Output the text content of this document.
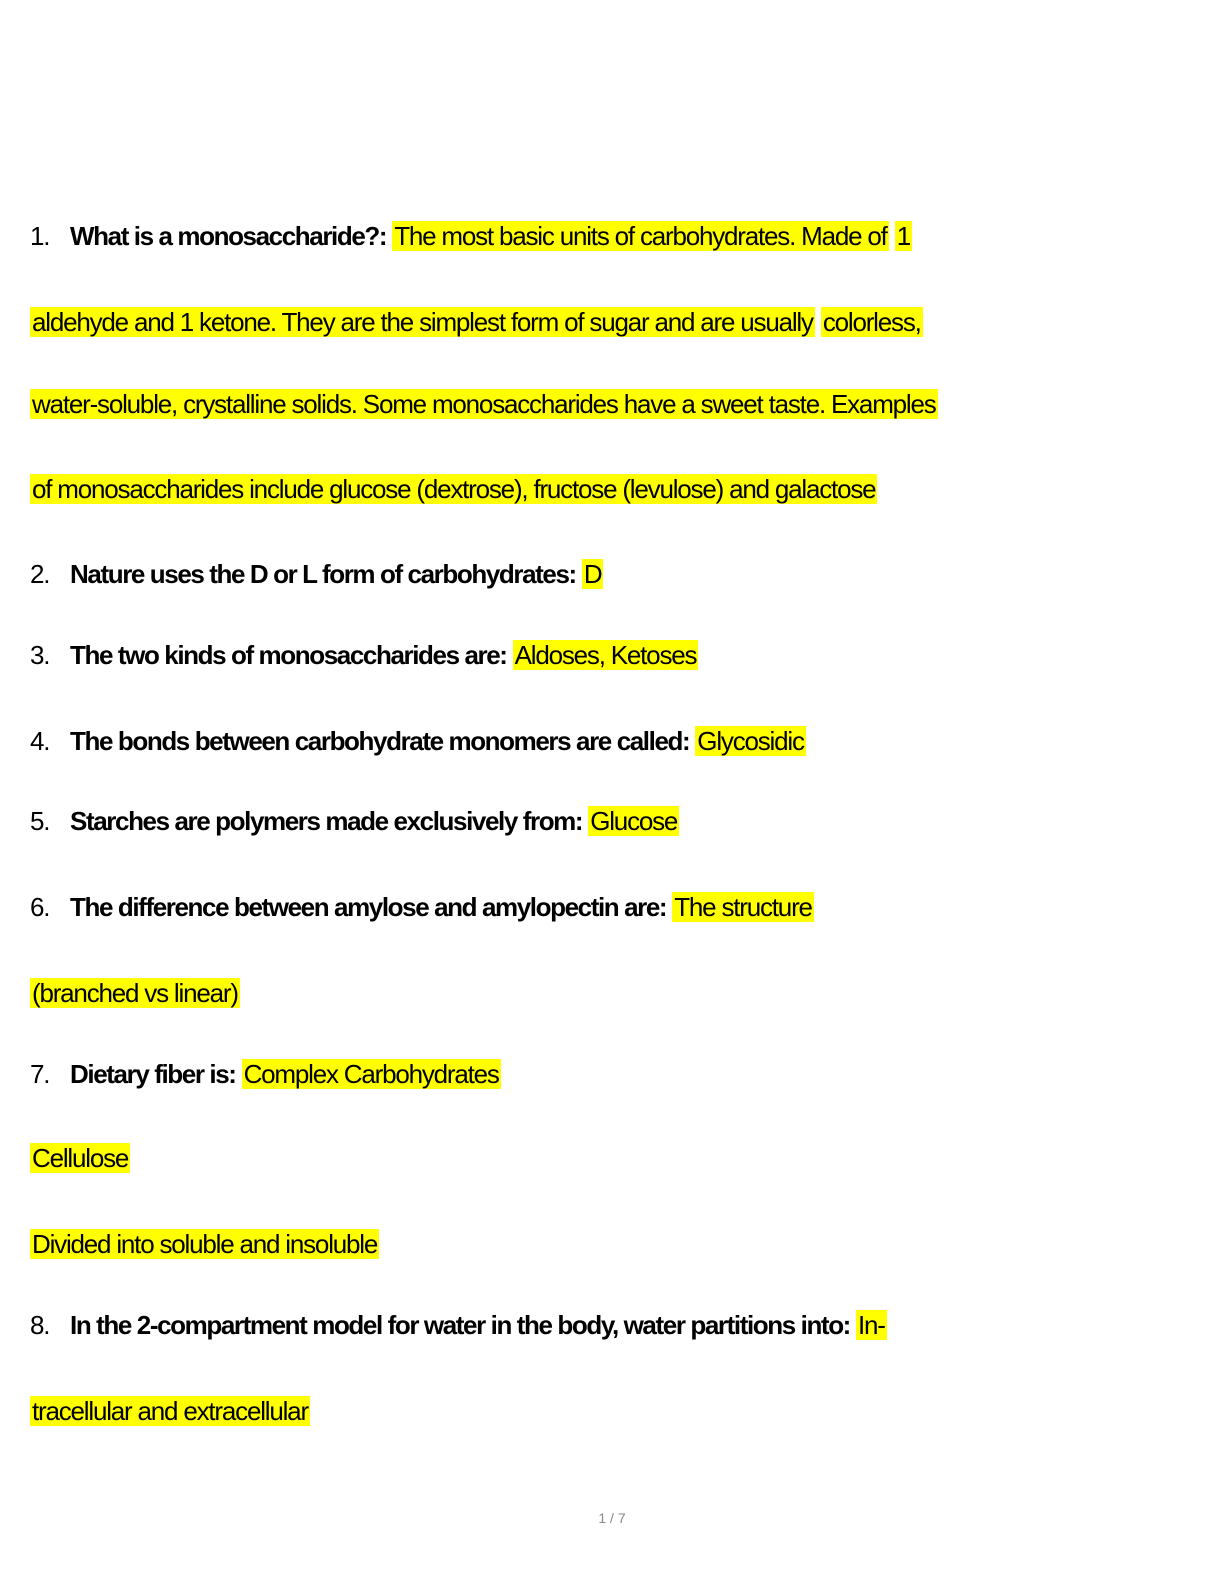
1. What is a monosaccharide?: The most basic units of carbohydrates. Made of 1
aldehyde and 1 ketone. They are the simplest form of sugar and are usually colorless,
water-soluble, crystalline solids. Some monosaccharides have a sweet taste. Examples
of monosaccharides include glucose (dextrose), fructose (levulose) and galactose
2. Nature uses the D or L form of carbohydrates: D
3. The two kinds of monosaccharides are: Aldoses, Ketoses
4. The bonds between carbohydrate monomers are called: Glycosidic
5. Starches are polymers made exclusively from: Glucose
6. The difference between amylose and amylopectin are: The structure
(branched vs linear)
7. Dietary fiber is: Complex Carbohydrates
Cellulose
Divided into soluble and insoluble
8. In the 2-compartment model for water in the body, water partitions into: In-
tracellular and extracellular
1 / 7
